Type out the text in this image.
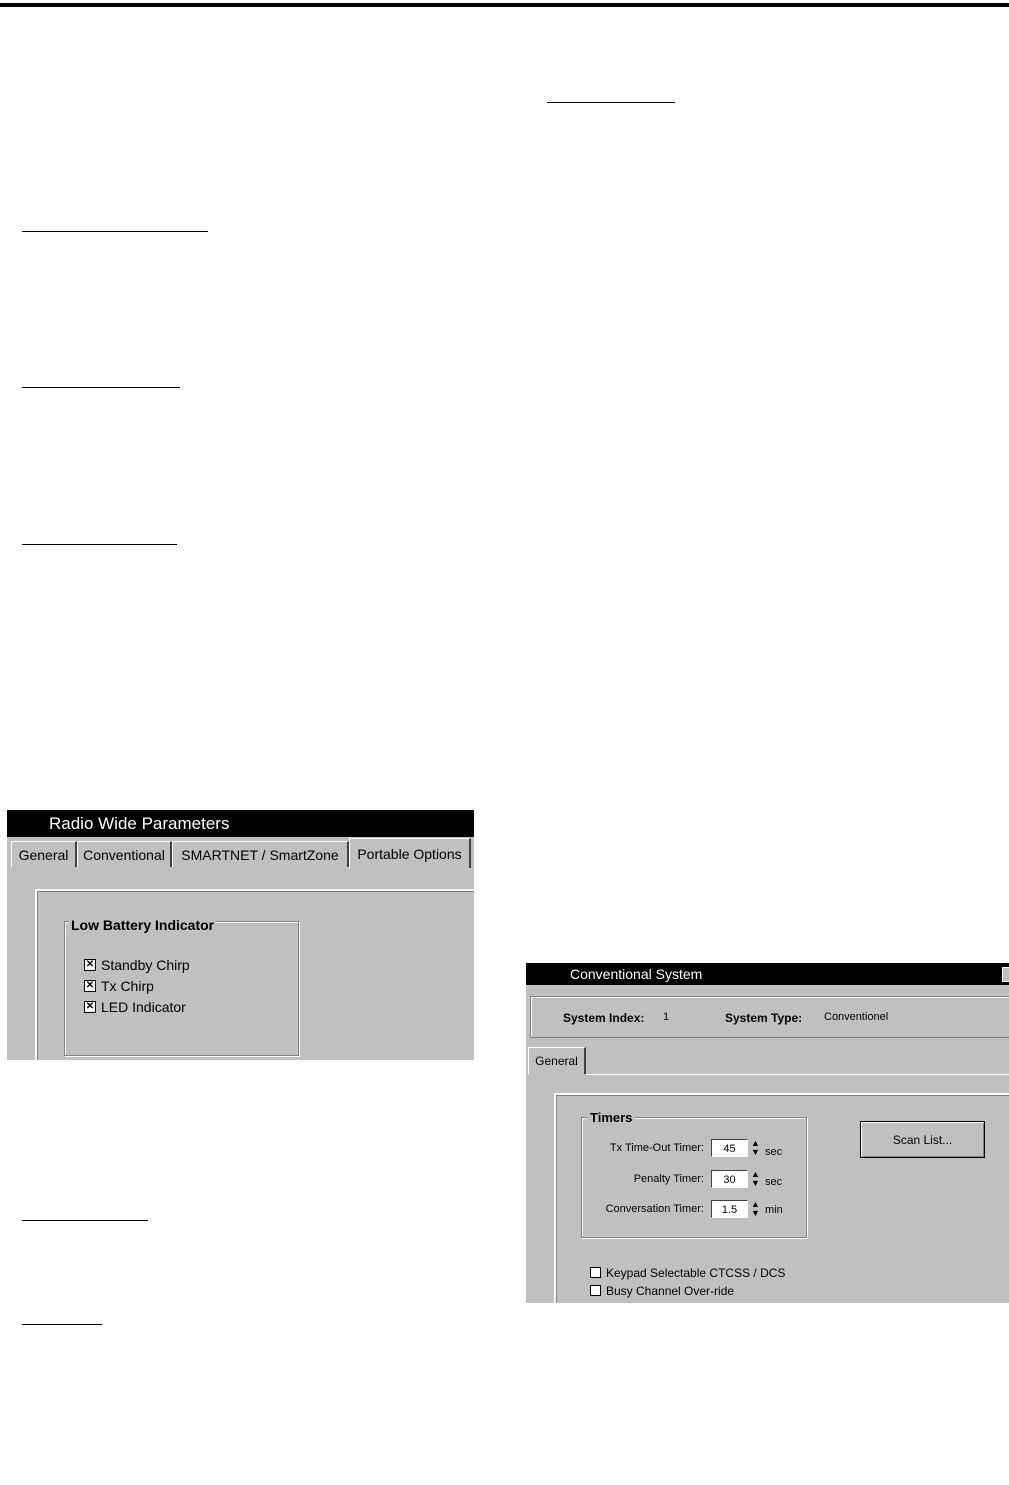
Radio Wide Parameters
General	Conventional	SMARTNET / SmartZone	Portable Options
Low Battery Indicator
✕ Standby Chirp
✕ Tx Chirp
✕ LED Indicator
Conventional System
System Index: 1	System Type: Conventionel
General
Timers
Tx Time-Out Timer:	45	▲
▼ sec
Penalty Timer:	30	▲
▼ sec
Conversation Timer:	1.5	▲
▼ min
Scan List...
Keypad Selectable CTCSS / DCS
Busy Channel Over-ride
